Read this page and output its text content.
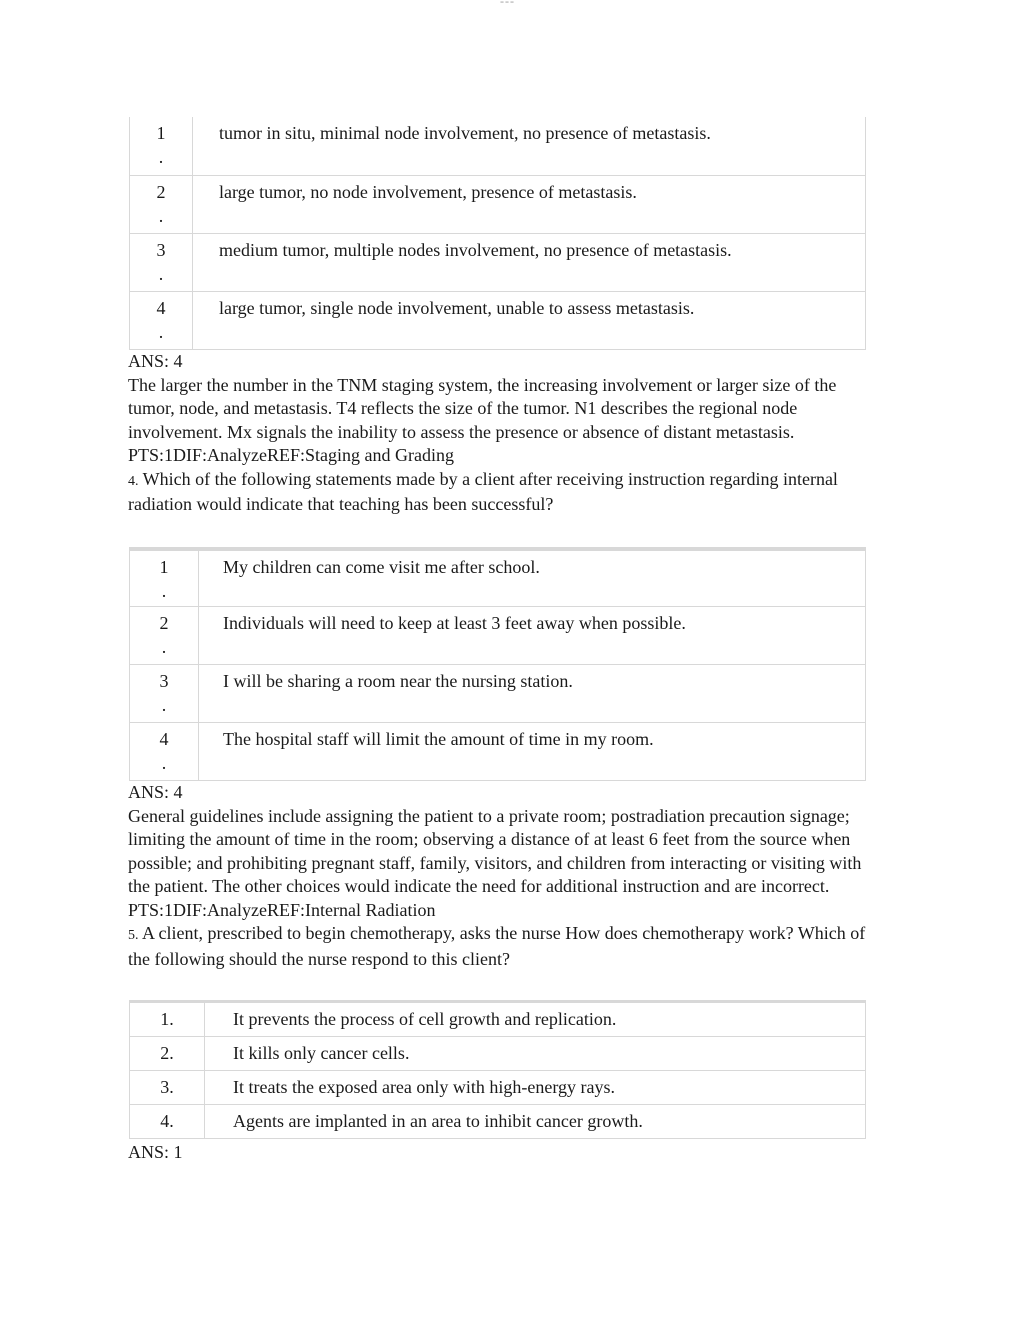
---
1
.	tumor in situ, minimal node involvement, no presence of metastasis.
2
.	large tumor, no node involvement, presence of metastasis.
3
.	medium tumor, multiple nodes involvement, no presence of metastasis.
4
.	large tumor, single node involvement, unable to assess metastasis.

ANS: 4

The larger the number in the TNM staging system, the increasing involvement or larger size of the tumor, node, and metastasis. T4 reflects the size of the tumor. N1 describes the regional node involvement. Mx signals the inability to assess the presence or absence of distant metastasis.

PTS:1DIF:AnalyzeREF:Staging and Grading

4. Which of the following statements made by a client after receiving instruction regarding internal radiation would indicate that teaching has been successful?

1
.	My children can come visit me after school.
2
.	Individuals will need to keep at least 3 feet away when possible.
3
.	I will be sharing a room near the nursing station.
4
.	The hospital staff will limit the amount of time in my room.

ANS: 4

General guidelines include assigning the patient to a private room; postradiation precaution signage; limiting the amount of time in the room; observing a distance of at least 6 feet from the source when possible; and prohibiting pregnant staff, family, visitors, and children from interacting or visiting with the patient. The other choices would indicate the need for additional instruction and are incorrect.

PTS:1DIF:AnalyzeREF:Internal Radiation

5. A client, prescribed to begin chemotherapy, asks the nurse How does chemotherapy work? Which of the following should the nurse respond to this client?

1.	It prevents the process of cell growth and replication.
2.	It kills only cancer cells.
3.	It treats the exposed area only with high-energy rays.
4.	Agents are implanted in an area to inhibit cancer growth.

ANS: 1
